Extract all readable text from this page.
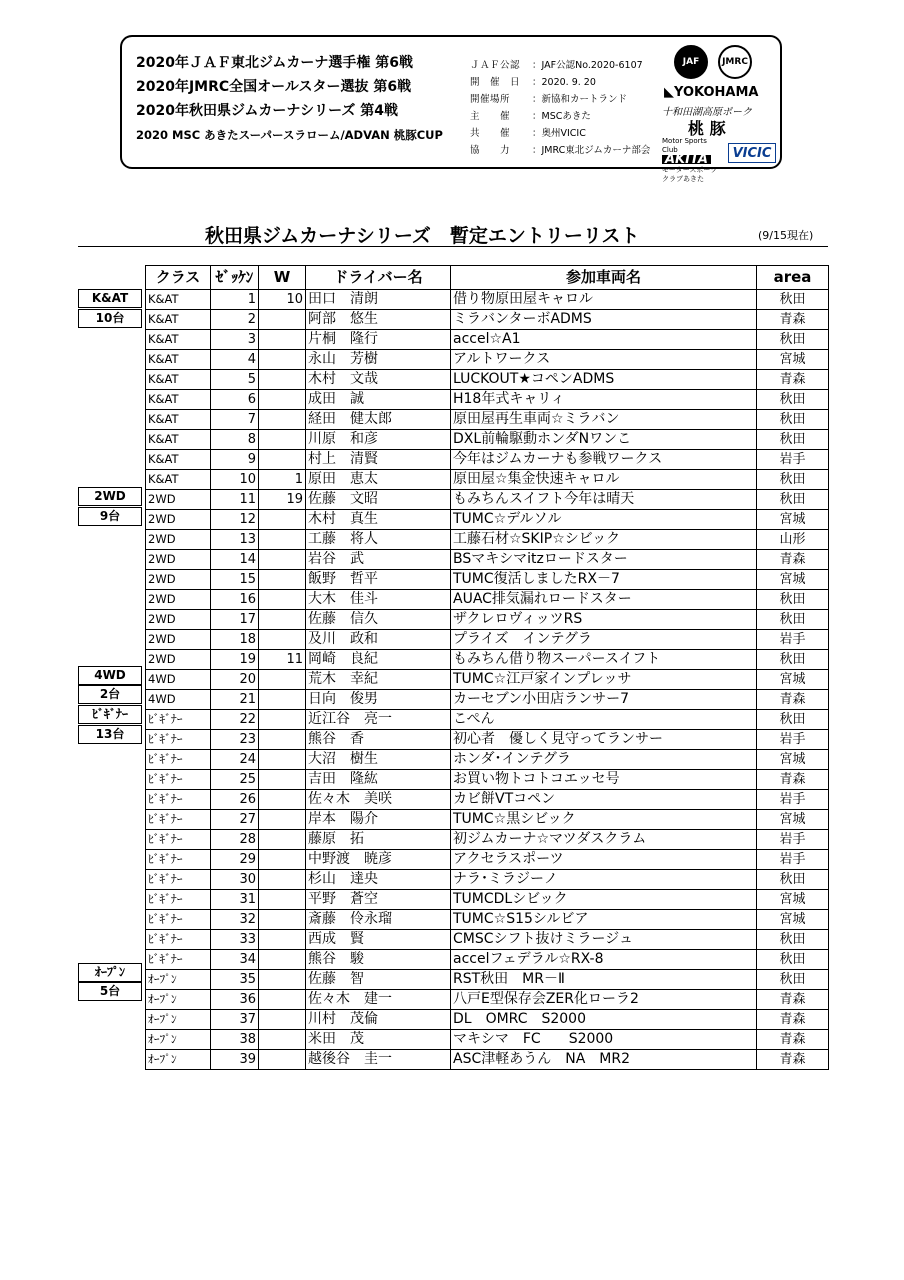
2020年ＪＡＦ東北ジムカーナ選手権 第6戦
2020年JMRC全国オールスター選抜 第6戦
2020年秋田県ジムカーナシリーズ 第4戦
2020 MSC あきたスーパースラローム/ADVAN 桃豚CUP
ＪＡＦ公認	：JAF公認No.2020-6107
開　催　日	：2020. 9. 20
開催場所	：新協和カートランド
主　　催	：MSCあきた
共　　催	：奥州VICIC
協　　力	：JMRC東北ジムカーナ部会
JAF	JMRC
◣YOKOHAMA
十和田湖高原ポーク
桃 豚
Motor Sports Club
AKITA
モータースポーツクラブあきた
VICIC
秋田県ジムカーナシリーズ　暫定エントリーリスト	(9/15現在)
K&AT
10台
2WD
9台
4WD
2台
ﾋﾞｷﾞﾅｰ
13台
ｵｰﾌﾟﾝ
5台
クラス	ｾﾞｯｹﾝ	W	ドライバー名	参加車両名	area
K&AT	1	10	田口　清朗	借り物原田屋キャロル	秋田
K&AT	2		阿部　悠生	ミラバンターボADMS	青森
K&AT	3		片桐　隆行	accel☆A1	秋田
K&AT	4		永山　芳樹	アルトワークス	宮城
K&AT	5		木村　文哉	LUCKOUT★コペンADMS	青森
K&AT	6		成田　誠	H18年式キャリィ	秋田
K&AT	7		経田　健太郎	原田屋再生車両☆ミラバン	秋田
K&AT	8		川原　和彦	DXL前輪駆動ホンダNワンこ	秋田
K&AT	9		村上　清賢	今年はジムカーナも参戦ワークス	岩手
K&AT	10	1	原田　恵太	原田屋☆集金快速キャロル	秋田
2WD	11	19	佐藤　文昭	もみちんスイフト今年は晴天	秋田
2WD	12		木村　真生	TUMC☆デルソル	宮城
2WD	13		工藤　将人	工藤石材☆SKIP☆シビック	山形
2WD	14		岩谷　武	BSマキシマitzロードスター	青森
2WD	15		飯野　哲平	TUMC復活しましたRX－7	宮城
2WD	16		大木　佳斗	AUAC排気漏れロードスター	秋田
2WD	17		佐藤　信久	ザクレロヴィッツRS	秋田
2WD	18		及川　政和	プライズ　インテグラ	岩手
2WD	19	11	岡崎　良紀	もみちん借り物スーパースイフト	秋田
4WD	20		荒木　幸紀	TUMC☆江戸家インプレッサ	宮城
4WD	21		日向　俊男	カーセブン小田店ランサー7	青森
ﾋﾞｷﾞﾅｰ	22		近江谷　亮一	こぺん	秋田
ﾋﾞｷﾞﾅｰ	23		熊谷　香	初心者　優しく見守ってランサー	岩手
ﾋﾞｷﾞﾅｰ	24		大沼　樹生	ホンダ･インテグラ	宮城
ﾋﾞｷﾞﾅｰ	25		吉田　隆紘	お買い物トコトコエッセ号	青森
ﾋﾞｷﾞﾅｰ	26		佐々木　美咲	カビ餅VTコペン	岩手
ﾋﾞｷﾞﾅｰ	27		岸本　陽介	TUMC☆黒シビック	宮城
ﾋﾞｷﾞﾅｰ	28		藤原　拓	初ジムカーナ☆マツダスクラム	岩手
ﾋﾞｷﾞﾅｰ	29		中野渡　暁彦	アクセラスポーツ	岩手
ﾋﾞｷﾞﾅｰ	30		杉山　達央	ナラ･ミラジーノ	秋田
ﾋﾞｷﾞﾅｰ	31		平野　蒼空	TUMCDLシビック	宮城
ﾋﾞｷﾞﾅｰ	32		斎藤　伶永瑠	TUMC☆S15シルビア	宮城
ﾋﾞｷﾞﾅｰ	33		西成　賢	CMSCシフト抜けミラージュ	秋田
ﾋﾞｷﾞﾅｰ	34		熊谷　駿	accelフェデラル☆RX-8	秋田
ｵｰﾌﾟﾝ	35		佐藤　智	RST秋田　MR－Ⅱ	秋田
ｵｰﾌﾟﾝ	36		佐々木　建一	八戸E型保存会ZER化ローラ2	青森
ｵｰﾌﾟﾝ	37		川村　茂倫	DL　OMRC　S2000	青森
ｵｰﾌﾟﾝ	38		米田　茂	マキシマ　FC　　S2000	青森
ｵｰﾌﾟﾝ	39		越後谷　圭一	ASC津軽あうん　NA　MR2	青森
